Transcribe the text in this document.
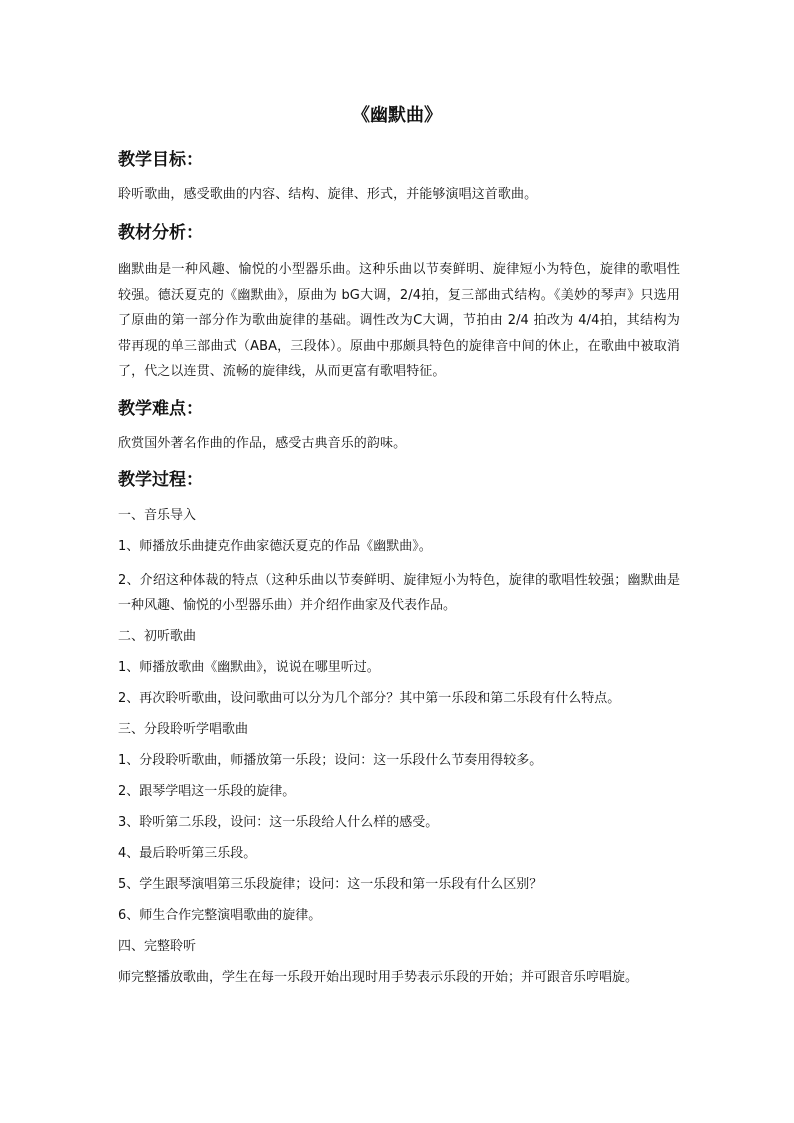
《幽默曲》
教学目标：

聆听歌曲，感受歌曲的内容、结构、旋律、形式，并能够演唱这首歌曲。

教材分析：

幽默曲是一种风趣、愉悦的小型器乐曲。这种乐曲以节奏鲜明、旋律短小为特色，旋律的歌唱性较强。德沃夏克的《幽默曲》，原曲为 bG大调，2/4拍，复三部曲式结构。《美妙的琴声》只选用了原曲的第一部分作为歌曲旋律的基础。调性改为C大调，节拍由 2/4 拍改为 4/4拍，其结构为带再现的单三部曲式（ABA，三段体）。原曲中那颇具特色的旋律音中间的休止，在歌曲中被取消了，代之以连贯、流畅的旋律线，从而更富有歌唱特征。

教学难点：

欣赏国外著名作曲的作品，感受古典音乐的韵味。

教学过程：

一、音乐导入

1、师播放乐曲捷克作曲家德沃夏克的作品《幽默曲》。

2、介绍这种体裁的特点（这种乐曲以节奏鲜明、旋律短小为特色，旋律的歌唱性较强；幽默曲是一种风趣、愉悦的小型器乐曲）并介绍作曲家及代表作品。

二、初听歌曲

1、师播放歌曲《幽默曲》，说说在哪里听过。

2、再次聆听歌曲，设问歌曲可以分为几个部分？其中第一乐段和第二乐段有什么特点。

三、分段聆听学唱歌曲

1、分段聆听歌曲，师播放第一乐段；设问：这一乐段什么节奏用得较多。

2、跟琴学唱这一乐段的旋律。

3、聆听第二乐段，设问：这一乐段给人什么样的感受。

4、最后聆听第三乐段。

5、学生跟琴演唱第三乐段旋律；设问：这一乐段和第一乐段有什么区别？

6、师生合作完整演唱歌曲的旋律。

四、完整聆听

师完整播放歌曲，学生在每一乐段开始出现时用手势表示乐段的开始；并可跟音乐哼唱旋。
